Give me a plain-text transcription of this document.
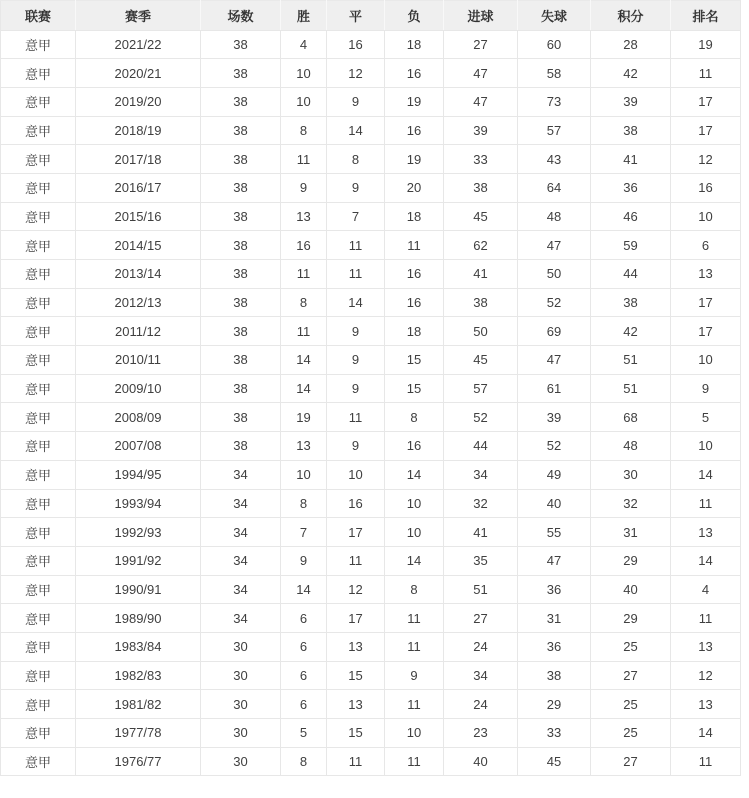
联赛	赛季	场数	胜	平	负	进球	失球	积分	排名
意甲	2021/22	38	4	16	18	27	60	28	19
意甲	2020/21	38	10	12	16	47	58	42	11
意甲	2019/20	38	10	9	19	47	73	39	17
意甲	2018/19	38	8	14	16	39	57	38	17
意甲	2017/18	38	11	8	19	33	43	41	12
意甲	2016/17	38	9	9	20	38	64	36	16
意甲	2015/16	38	13	7	18	45	48	46	10
意甲	2014/15	38	16	11	11	62	47	59	6
意甲	2013/14	38	11	11	16	41	50	44	13
意甲	2012/13	38	8	14	16	38	52	38	17
意甲	2011/12	38	11	9	18	50	69	42	17
意甲	2010/11	38	14	9	15	45	47	51	10
意甲	2009/10	38	14	9	15	57	61	51	9
意甲	2008/09	38	19	11	8	52	39	68	5
意甲	2007/08	38	13	9	16	44	52	48	10
意甲	1994/95	34	10	10	14	34	49	30	14
意甲	1993/94	34	8	16	10	32	40	32	11
意甲	1992/93	34	7	17	10	41	55	31	13
意甲	1991/92	34	9	11	14	35	47	29	14
意甲	1990/91	34	14	12	8	51	36	40	4
意甲	1989/90	34	6	17	11	27	31	29	11
意甲	1983/84	30	6	13	11	24	36	25	13
意甲	1982/83	30	6	15	9	34	38	27	12
意甲	1981/82	30	6	13	11	24	29	25	13
意甲	1977/78	30	5	15	10	23	33	25	14
意甲	1976/77	30	8	11	11	40	45	27	11
